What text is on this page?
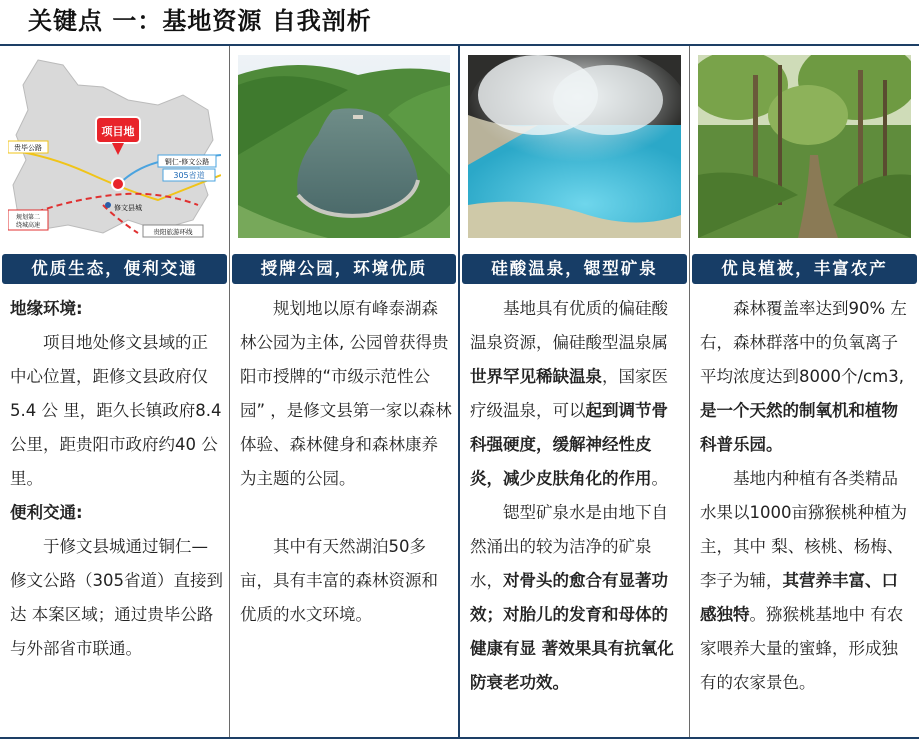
关键点 一：基地资源 自我剖析
项目地
贵毕公路
铜仁-修文公路
305省道
修文县城
规划第二
绕城高速
贵阳旅游环线
优质生态，便利交通

地缘环境:

项目地处修文县域的正中心位置，距修文县政府仅 5.4 公 里，距久长镇政府8.4公里，距贵阳市政府约40 公里。

便利交通:

于修文县城通过铜仁—修文公路（305省道）直接到达 本案区域；通过贵毕公路与外部省市联通。

授牌公园，环境优质

规划地以原有峰泰湖森林公园为主体, 公园曾获得贵阳市授牌的“市级示范性公园” ，是修文县第一家以森林体验、森林健身和森林康养为主题的公园。

其中有天然湖泊50多亩，具有丰富的森林资源和优质的水文环境。

硅酸温泉，锶型矿泉

基地具有优质的偏硅酸温泉资源，偏硅酸型温泉属世界罕见稀缺温泉，国家医疗级温泉，可以起到调节骨科强硬度，缓解神经性皮炎，减少皮肤角化的作用。

锶型矿泉水是由地下自然涌出的较为洁净的矿泉水，对骨头的愈合有显著功效；对胎儿的发育和母体的健康有显 著效果具有抗氧化防衰老功效。

优良植被，丰富农产

森林覆盖率达到90% 左 右，森林群落中的负氧离子平均浓度达到8000个/cm3,是一个天然的制氧机和植物科普乐园。

基地内种植有各类精品水果以1000亩猕猴桃种植为主，其中 梨、核桃、杨梅、李子为辅，其营养丰富、口感独特。猕猴桃基地中 有农家喂养大量的蜜蜂，形成独有的农家景色。
